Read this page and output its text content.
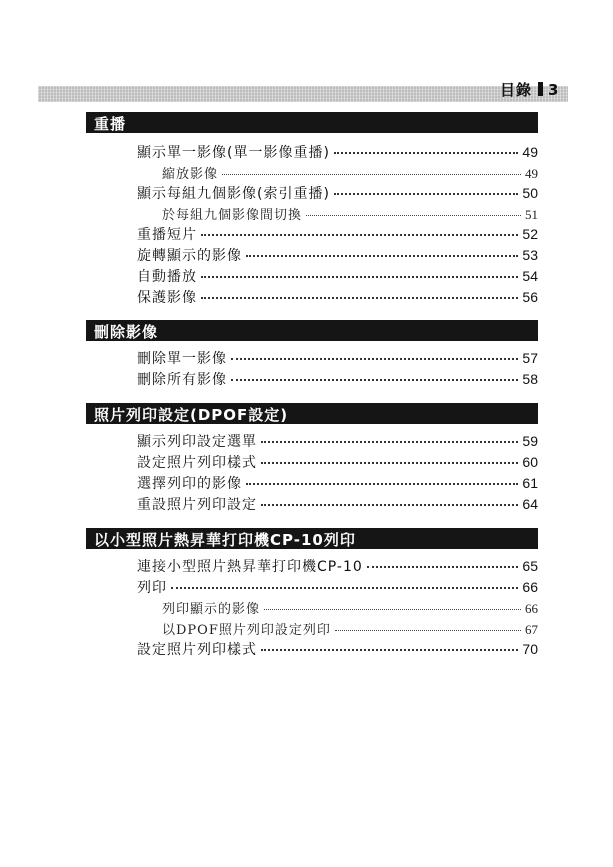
目錄 3
重播
顯示單一影像(單一影像重播)	49
縮放影像	49
顯示每組九個影像(索引重播)	50
於每組九個影像間切換	51
重播短片	52
旋轉顯示的影像	53
自動播放	54
保護影像	56
刪除影像
刪除單一影像	57
刪除所有影像	58
照片列印設定(DPOF設定)
顯示列印設定選單	59
設定照片列印樣式	60
選擇列印的影像	61
重設照片列印設定	64
以小型照片熱昇華打印機CP-10列印
連接小型照片熱昇華打印機CP-10	65
列印	66
列印顯示的影像	66
以DPOF照片列印設定列印	67
設定照片列印樣式	70
